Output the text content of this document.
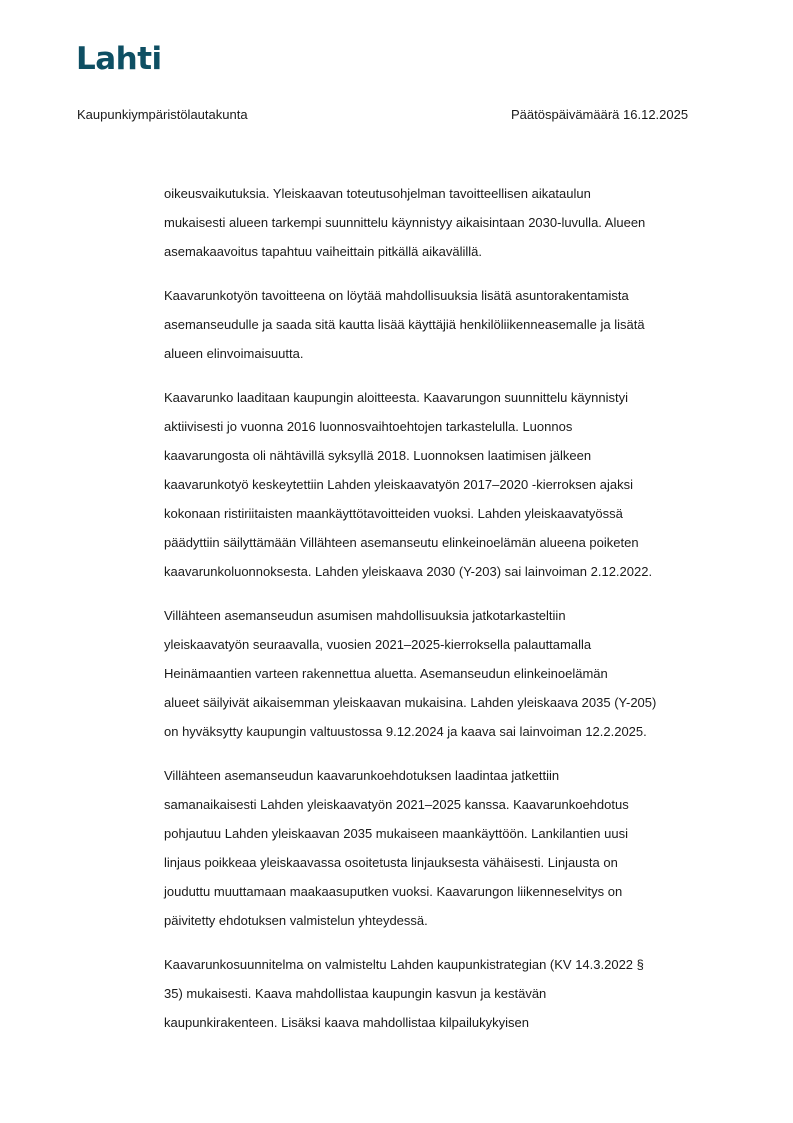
Lahti
Kaupunkiympäristölautakunta	Päätöspäivämäärä 16.12.2025
oikeusvaikutuksia. Yleiskaavan toteutusohjelman tavoitteellisen aikataulun
mukaisesti alueen tarkempi suunnittelu käynnistyy aikaisintaan 2030-luvulla. Alueen
asemakaavoitus tapahtuu vaiheittain pitkällä aikavälillä.
Kaavarunkotyön tavoitteena on löytää mahdollisuuksia lisätä asuntorakentamista
asemanseudulle ja saada sitä kautta lisää käyttäjiä henkilöliikenneasemalle ja lisätä
alueen elinvoimaisuutta.
Kaavarunko laaditaan kaupungin aloitteesta. Kaavarungon suunnittelu käynnistyi
aktiivisesti jo vuonna 2016 luonnosvaihtoehtojen tarkastelulla. Luonnos
kaavarungosta oli nähtävillä syksyllä 2018. Luonnoksen laatimisen jälkeen
kaavarunkotyö keskeytettiin Lahden yleiskaavatyön 2017–2020 -kierroksen ajaksi
kokonaan ristiriitaisten maankäyttötavoitteiden vuoksi. Lahden yleiskaavatyössä
päädyttiin säilyttämään Villähteen asemanseutu elinkeinoelämän alueena poiketen
kaavarunkoluonnoksesta. Lahden yleiskaava 2030 (Y-203) sai lainvoiman 2.12.2022.
Villähteen asemanseudun asumisen mahdollisuuksia jatkotarkasteltiin
yleiskaavatyön seuraavalla, vuosien 2021–2025-kierroksella palauttamalla
Heinämaantien varteen rakennettua aluetta. Asemanseudun elinkeinoelämän
alueet säilyivät aikaisemman yleiskaavan mukaisina. Lahden yleiskaava 2035 (Y-205)
on hyväksytty kaupungin valtuustossa 9.12.2024 ja kaava sai lainvoiman 12.2.2025.
Villähteen asemanseudun kaavarunkoehdotuksen laadintaa jatkettiin
samanaikaisesti Lahden yleiskaavatyön 2021–2025 kanssa. Kaavarunkoehdotus
pohjautuu Lahden yleiskaavan 2035 mukaiseen maankäyttöön. Lankilantien uusi
linjaus poikkeaa yleiskaavassa osoitetusta linjauksesta vähäisesti. Linjausta on
jouduttu muuttamaan maakaasuputken vuoksi. Kaavarungon liikenneselvitys on
päivitetty ehdotuksen valmistelun yhteydessä.
Kaavarunkosuunnitelma on valmisteltu Lahden kaupunkistrategian (KV 14.3.2022 §
35) mukaisesti. Kaava mahdollistaa kaupungin kasvun ja kestävän
kaupunkirakenteen. Lisäksi kaava mahdollistaa kilpailukykyisen
